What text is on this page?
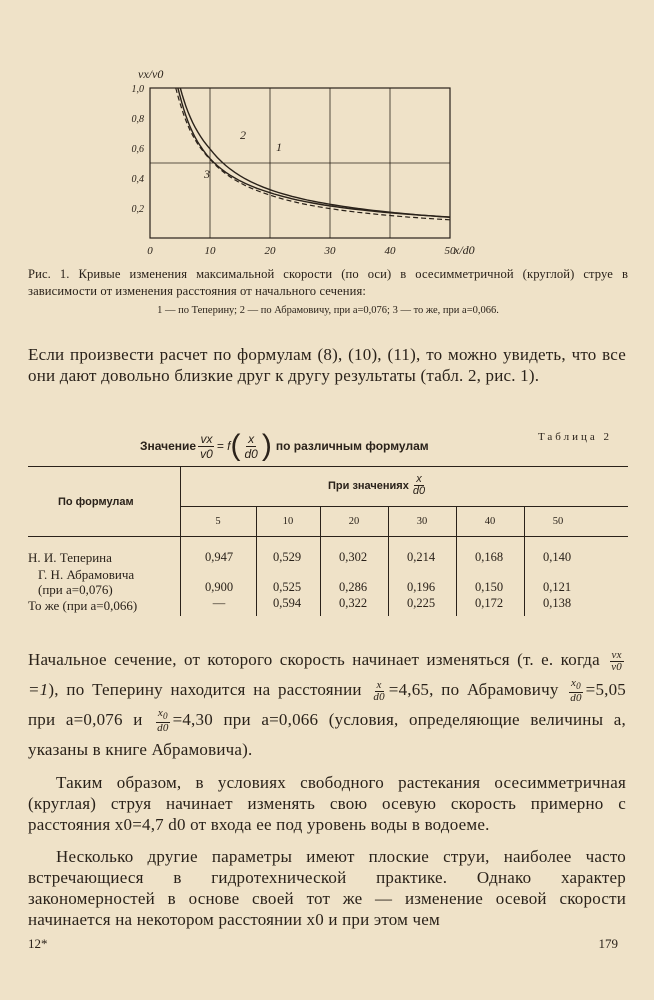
0	10	20	30	40	50
0,2
0,4
0,6
0,8
1,0
vx/v0
x/d0
1
2
3
Рис. 1. Кривые изменения максимальной скорости (по оси) в осесимметричной (круглой) струе в зависимости от изменения расстояния от начального сечения:
1 — по Теперину; 2 — по Абрамовичу, при a=0,076; 3 — то же, при a=0,066.
Если произвести расчет по формулам (8), (10), (11), то можно увидеть, что все они дают довольно близкие друг к другу результаты (табл. 2, рис. 1).
Таблица 2
Значение $\frac{vx}{v0} = f$ ( $\frac{x}{d0}$ ) по различным формулам
По формулам
При значениях $\frac{x}{d0}$
5	10	20	30	40	50
Н. И. Теперина	0,947	0,529	0,302	0,214	0,168	0,140
Г. Н. Абрамовича
(при a=0,076)	0,900	0,525	0,286	0,196	0,150	0,121
То же (при a=0,066)	—	0,594	0,322	0,225	0,172	0,138
Начальное сечение, от которого скорость начинает изменяться (т. е. когда $\frac{vx}{v0}$
=1), по Теперину находится на расстоянии $\frac{x}{d0} =4,65$, по Абрамовичу $\frac{x_0}{d0} =5,05$ при a=0,076 и $\frac{x_0}{d0} =4,30$ при a=0,066 (условия, определяющие величины a, указаны в книге Абрамовича).
Таким образом, в условиях свободного растекания осесимметричная (круглая) струя начинает изменять свою осевую скорость примерно с расстояния x0=4,7 d0 от входа ее под уровень воды в водоеме.
Несколько другие параметры имеют плоские струи, наиболее часто встречающиеся в гидротехнической практике. Однако характер закономерностей в основе своей тот же — изменение осевой скорости начинается на некотором расстоянии x0 и при этом чем
12*	179
